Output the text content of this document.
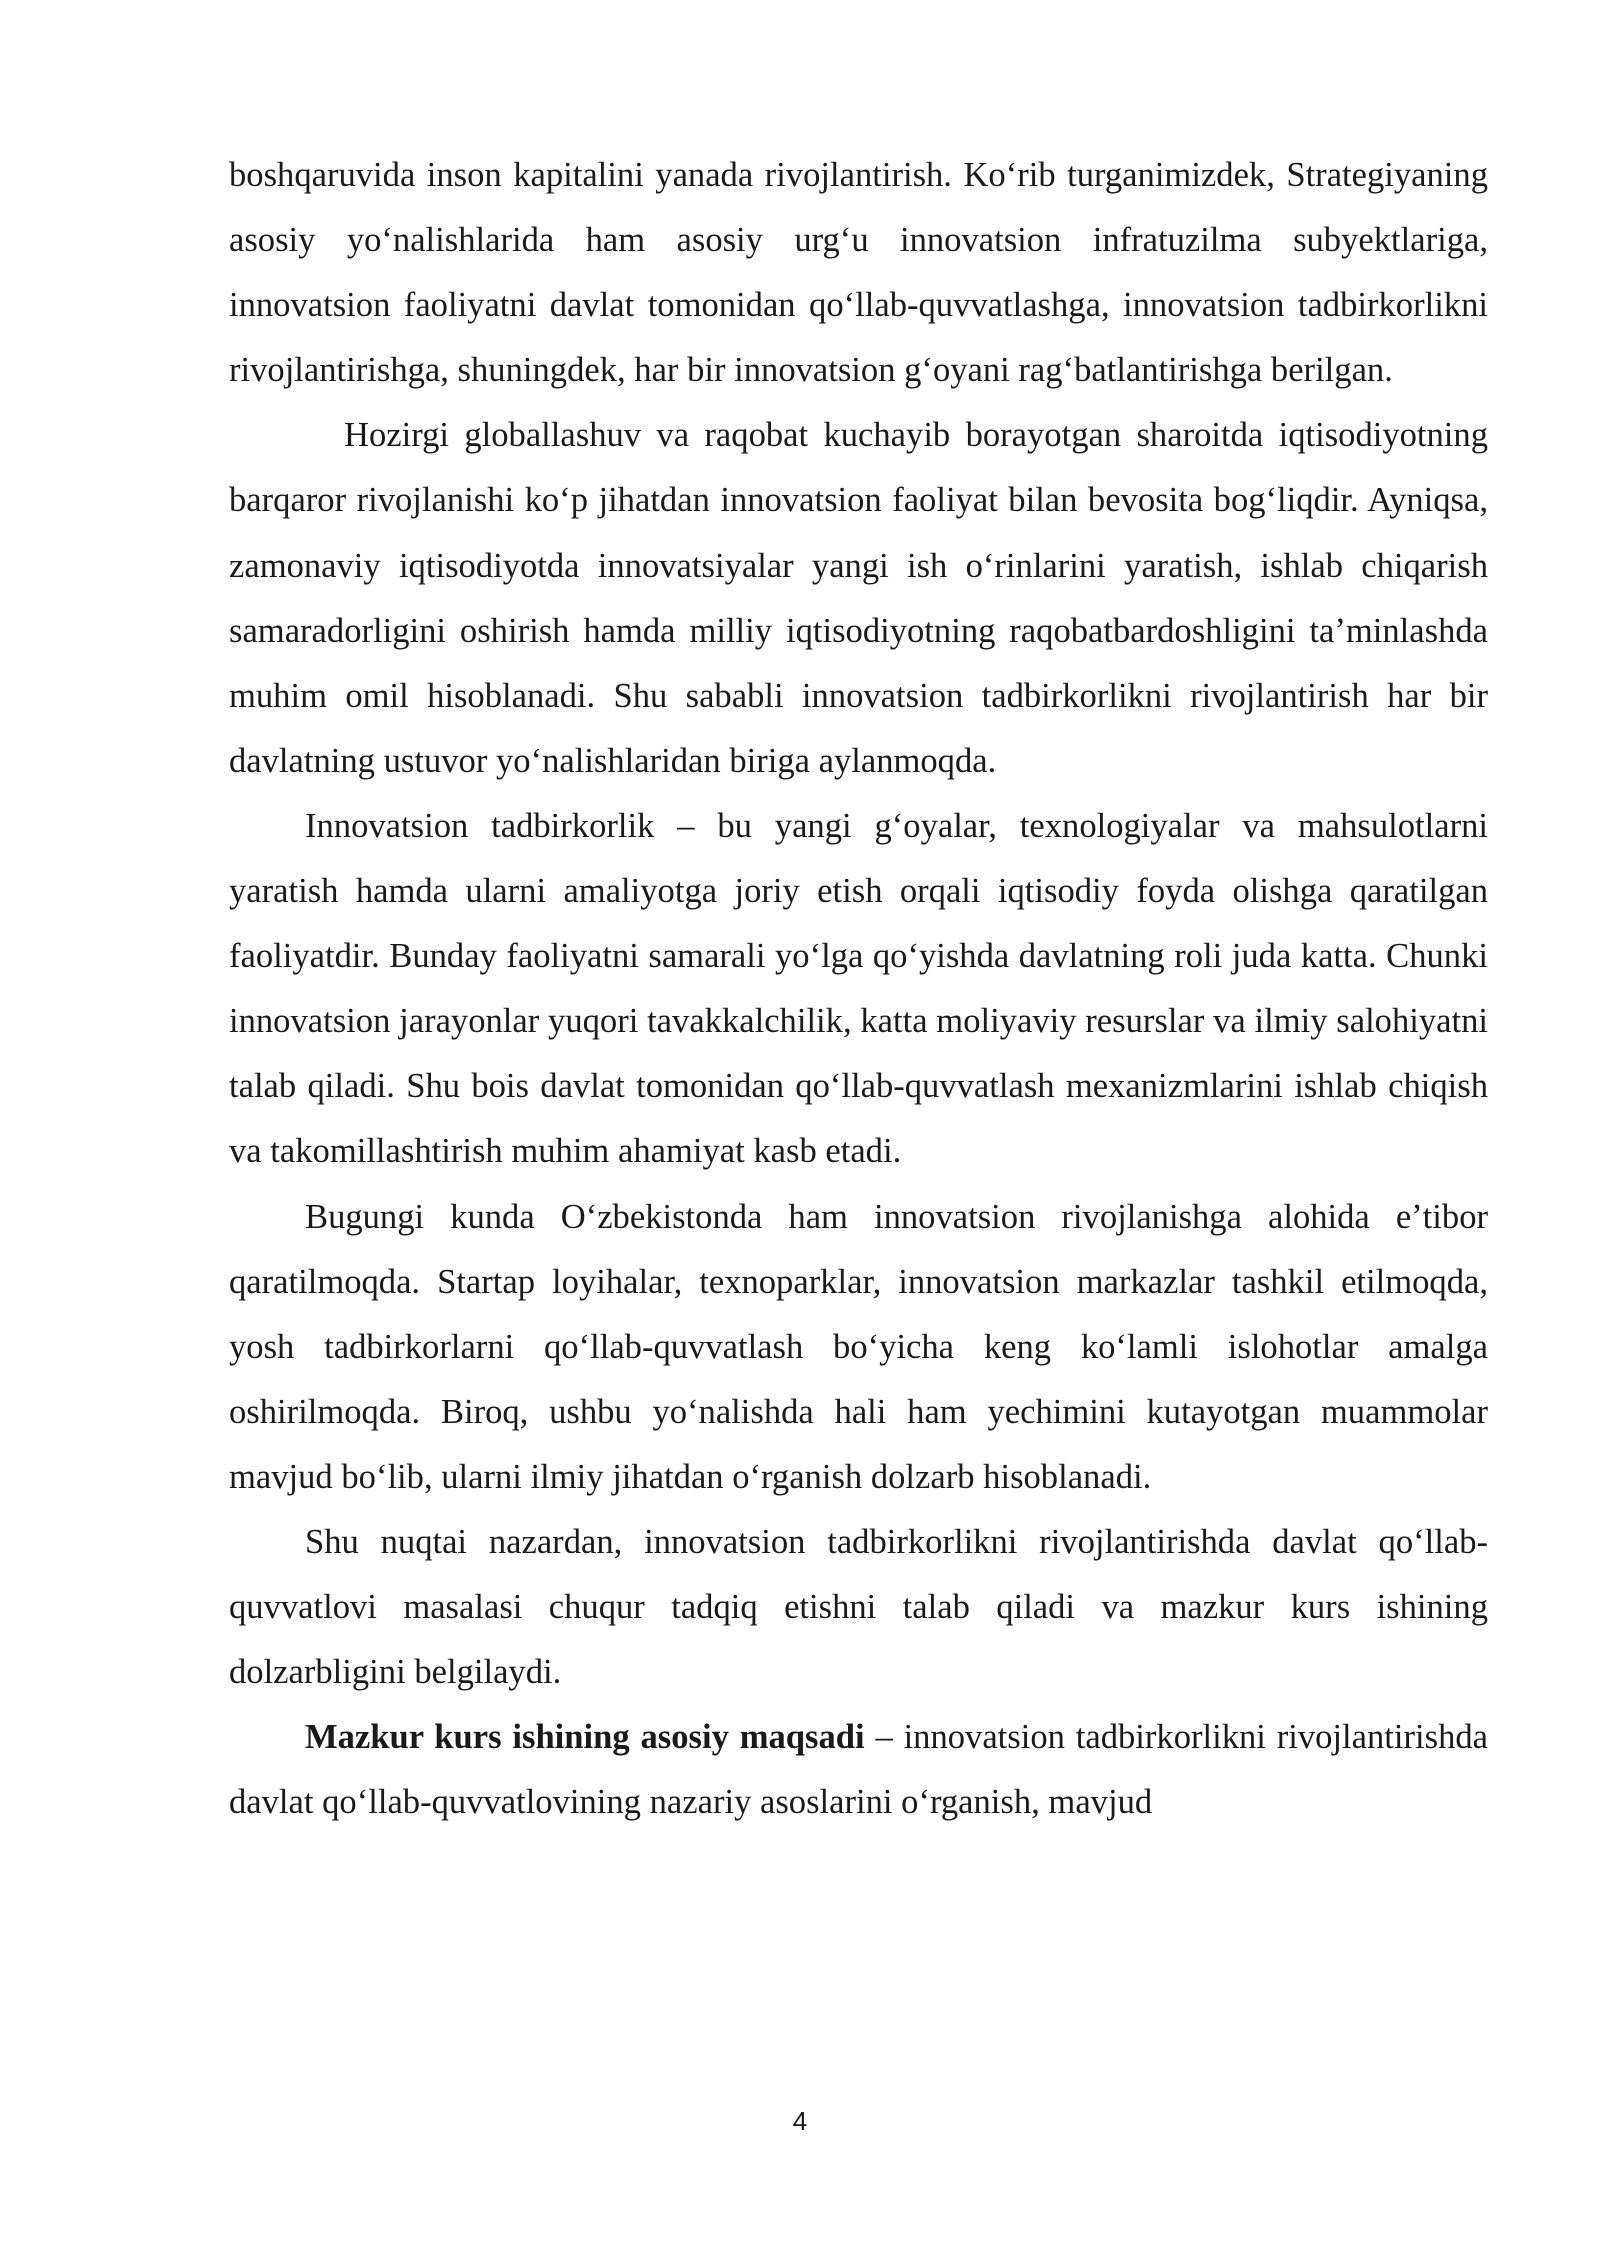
boshqaruvida inson kapitalini yanada rivojlantirish. Koʻrib turganimizdek, Strategiyaning asosiy yoʻnalishlarida ham asosiy urgʻu innovatsion infratuzilma subyektlariga, innovatsion faoliyatni davlat tomonidan qoʻllab-quvvatlashga, innovatsion tadbirkorlikni rivojlantirishga, shuningdek, har bir innovatsion gʻoyani ragʻbatlantirishga berilgan.

Hozirgi globallashuv va raqobat kuchayib borayotgan sharoitda iqtisodiyotning barqaror rivojlanishi koʻp jihatdan innovatsion faoliyat bilan bevosita bogʻliqdir. Ayniqsa, zamonaviy iqtisodiyotda innovatsiyalar yangi ish oʻrinlarini yaratish, ishlab chiqarish samaradorligini oshirish hamda milliy iqtisodiyotning raqobatbardoshligini taʼminlashda muhim omil hisoblanadi. Shu sababli innovatsion tadbirkorlikni rivojlantirish har bir davlatning ustuvor yoʻnalishlaridan biriga aylanmoqda.

Innovatsion tadbirkorlik – bu yangi gʻoyalar, texnologiyalar va mahsulotlarni yaratish hamda ularni amaliyotga joriy etish orqali iqtisodiy foyda olishga qaratilgan faoliyatdir. Bunday faoliyatni samarali yoʻlga qoʻyishda davlatning roli juda katta. Chunki innovatsion jarayonlar yuqori tavakkalchilik, katta moliyaviy resurslar va ilmiy salohiyatni talab qiladi. Shu bois davlat tomonidan qoʻllab-quvvatlash mexanizmlarini ishlab chiqish va takomillashtirish muhim ahamiyat kasb etadi.

Bugungi kunda Oʻzbekistonda ham innovatsion rivojlanishga alohida eʼtibor qaratilmoqda. Startap loyihalar, texnoparklar, innovatsion markazlar tashkil etilmoqda, yosh tadbirkorlarni qoʻllab-quvvatlash boʻyicha keng koʻlamli islohotlar amalga oshirilmoqda. Biroq, ushbu yoʻnalishda hali ham yechimini kutayotgan muammolar mavjud boʻlib, ularni ilmiy jihatdan oʻrganish dolzarb hisoblanadi.

Shu nuqtai nazardan, innovatsion tadbirkorlikni rivojlantirishda davlat qoʻllab-quvvatlovi masalasi chuqur tadqiq etishni talab qiladi va mazkur kurs ishining dolzarbligini belgilaydi.

Mazkur kurs ishining asosiy maqsadi – innovatsion tadbirkorlikni rivojlantirishda davlat qoʻllab-quvvatlovining nazariy asoslarini oʻrganish, mavjud

4
